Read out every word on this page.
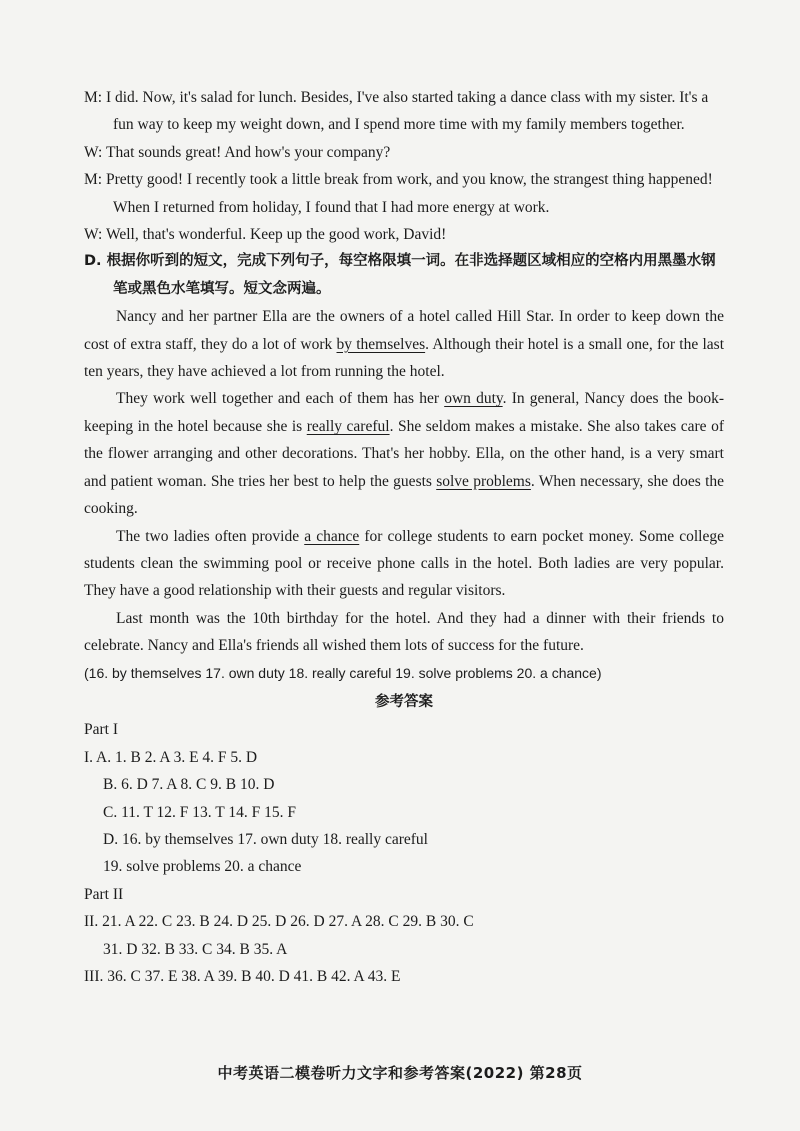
M: I did. Now, it's salad for lunch. Besides, I've also started taking a dance class with my sister. It's a fun way to keep my weight down, and I spend more time with my family members together.

W: That sounds great! And how's your company?

M: Pretty good! I recently took a little break from work, and you know, the strangest thing happened! When I returned from holiday, I found that I had more energy at work.

W: Well, that's wonderful. Keep up the good work, David!

D. 根据你听到的短文，完成下列句子，每空格限填一词。在非选择题区域相应的空格内用黑墨水钢笔或黑色水笔填写。短文念两遍。

Nancy and her partner Ella are the owners of a hotel called Hill Star. In order to keep down the cost of extra staff, they do a lot of work by themselves. Although their hotel is a small one, for the last ten years, they have achieved a lot from running the hotel.

They work well together and each of them has her own duty. In general, Nancy does the book-keeping in the hotel because she is really careful. She seldom makes a mistake. She also takes care of the flower arranging and other decorations. That's her hobby. Ella, on the other hand, is a very smart and patient woman. She tries her best to help the guests solve problems. When necessary, she does the cooking.

The two ladies often provide a chance for college students to earn pocket money. Some college students clean the swimming pool or receive phone calls in the hotel. Both ladies are very popular. They have a good relationship with their guests and regular visitors.

Last month was the 10th birthday for the hotel. And they had a dinner with their friends to celebrate. Nancy and Ella's friends all wished them lots of success for the future.

(16. by themselves 17. own duty 18. really careful 19. solve problems 20. a chance)

参考答案

Part I

I. A. 1. B 2. A 3. E 4. F 5. D

B. 6. D 7. A 8. C 9. B 10. D

C. 11. T 12. F 13. T 14. F 15. F

D. 16. by themselves 17. own duty 18. really careful

19. solve problems 20. a chance

Part II

II. 21. A 22. C 23. B 24. D 25. D 26. D 27. A 28. C 29. B 30. C

31. D 32. B 33. C 34. B 35. A

III. 36. C 37. E 38. A 39. B 40. D 41. B 42. A 43. E

中考英语二模卷听力文字和参考答案(2022) 第28页
